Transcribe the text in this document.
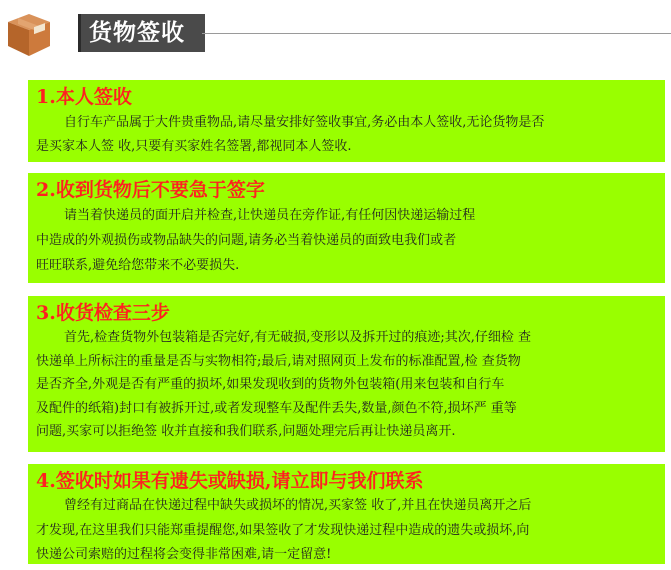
货物签收
1.本人签收
自行车产品属于大件贵重物品,请尽量安排好签收事宜,务必由本人签收,无论货物是否
是买家本人签 收,只要有买家姓名签署,都视同本人签收.
2.收到货物后不要急于签字
请当着快递员的面开启并检查,让快递员在旁作证,有任何因快递运输过程
中造成的外观损伤或物品缺失的问题,请务必当着快递员的面致电我们或者
旺旺联系,避免给您带来不必要损失.
3.收货检查三步
首先,检查货物外包装箱是否完好,有无破损,变形以及拆开过的痕迹;其次,仔细检 查
快递单上所标注的重量是否与实物相符;最后,请对照网页上发布的标准配置,检 查货物
是否齐全,外观是否有严重的损坏,如果发现收到的货物外包装箱(用来包装和自行车
及配件的纸箱)封口有被拆开过,或者发现整车及配件丢失,数量,颜色不符,损坏严 重等
问题,买家可以拒绝签 收并直接和我们联系,问题处理完后再让快递员离开.
4.签收时如果有遗失或缺损,请立即与我们联系
曾经有过商品在快递过程中缺失或损坏的情况,买家签 收了,并且在快递员离开之后
才发现,在这里我们只能郑重提醒您,如果签收了才发现快递过程中造成的遗失或损坏,向
快递公司索赔的过程将会变得非常困难,请一定留意!
